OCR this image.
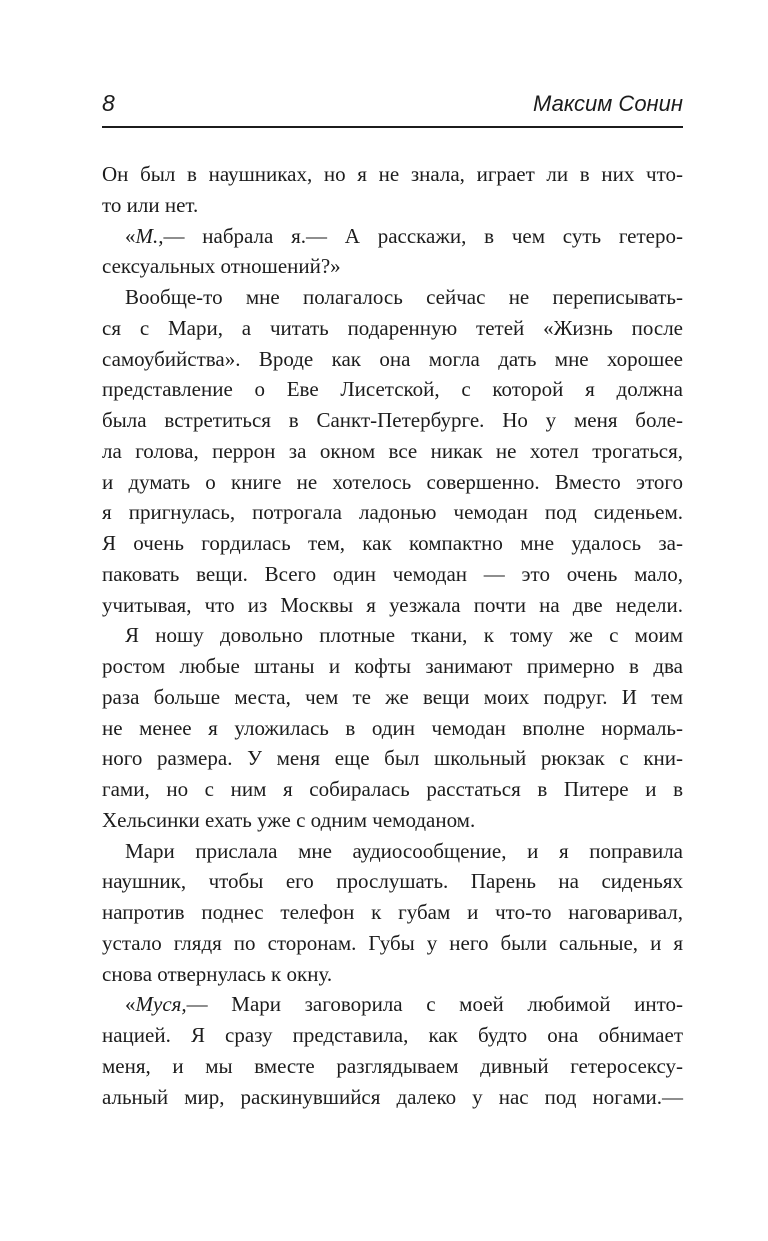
8	Максим Сонин
Он был в наушниках, но я не знала, играет ли в них что-
то или нет.
«М.,— набрала я.— А расскажи, в чем суть гетеро-
сексуальных отношений?»
Вообще-то мне полагалось сейчас не переписывать-
ся с Мари, а читать подаренную тетей «Жизнь после
самоубийства». Вроде как она могла дать мне хорошее
представление о Еве Лисетской, с которой я должна
была встретиться в Санкт-Петербурге. Но у меня боле-
ла голова, перрон за окном все никак не хотел трогаться,
и думать о книге не хотелось совершенно. Вместо этого
я пригнулась, потрогала ладонью чемодан под сиденьем.
Я очень гордилась тем, как компактно мне удалось за-
паковать вещи. Всего один чемодан — это очень мало,
учитывая, что из Москвы я уезжала почти на две недели.
Я ношу довольно плотные ткани, к тому же с моим
ростом любые штаны и кофты занимают примерно в два
раза больше места, чем те же вещи моих подруг. И тем
не менее я уложилась в один чемодан вполне нормаль-
ного размера. У меня еще был школьный рюкзак с кни-
гами, но с ним я собиралась расстаться в Питере и в
Хельсинки ехать уже с одним чемоданом.
Мари прислала мне аудиосообщение, и я поправила
наушник, чтобы его прослушать. Парень на сиденьях
напротив поднес телефон к губам и что-то наговаривал,
устало глядя по сторонам. Губы у него были сальные, и я
снова отвернулась к окну.
«Муся,— Мари заговорила с моей любимой инто-
нацией. Я сразу представила, как будто она обнимает
меня, и мы вместе разглядываем дивный гетеросексу-
альный мир, раскинувшийся далеко у нас под ногами.—
